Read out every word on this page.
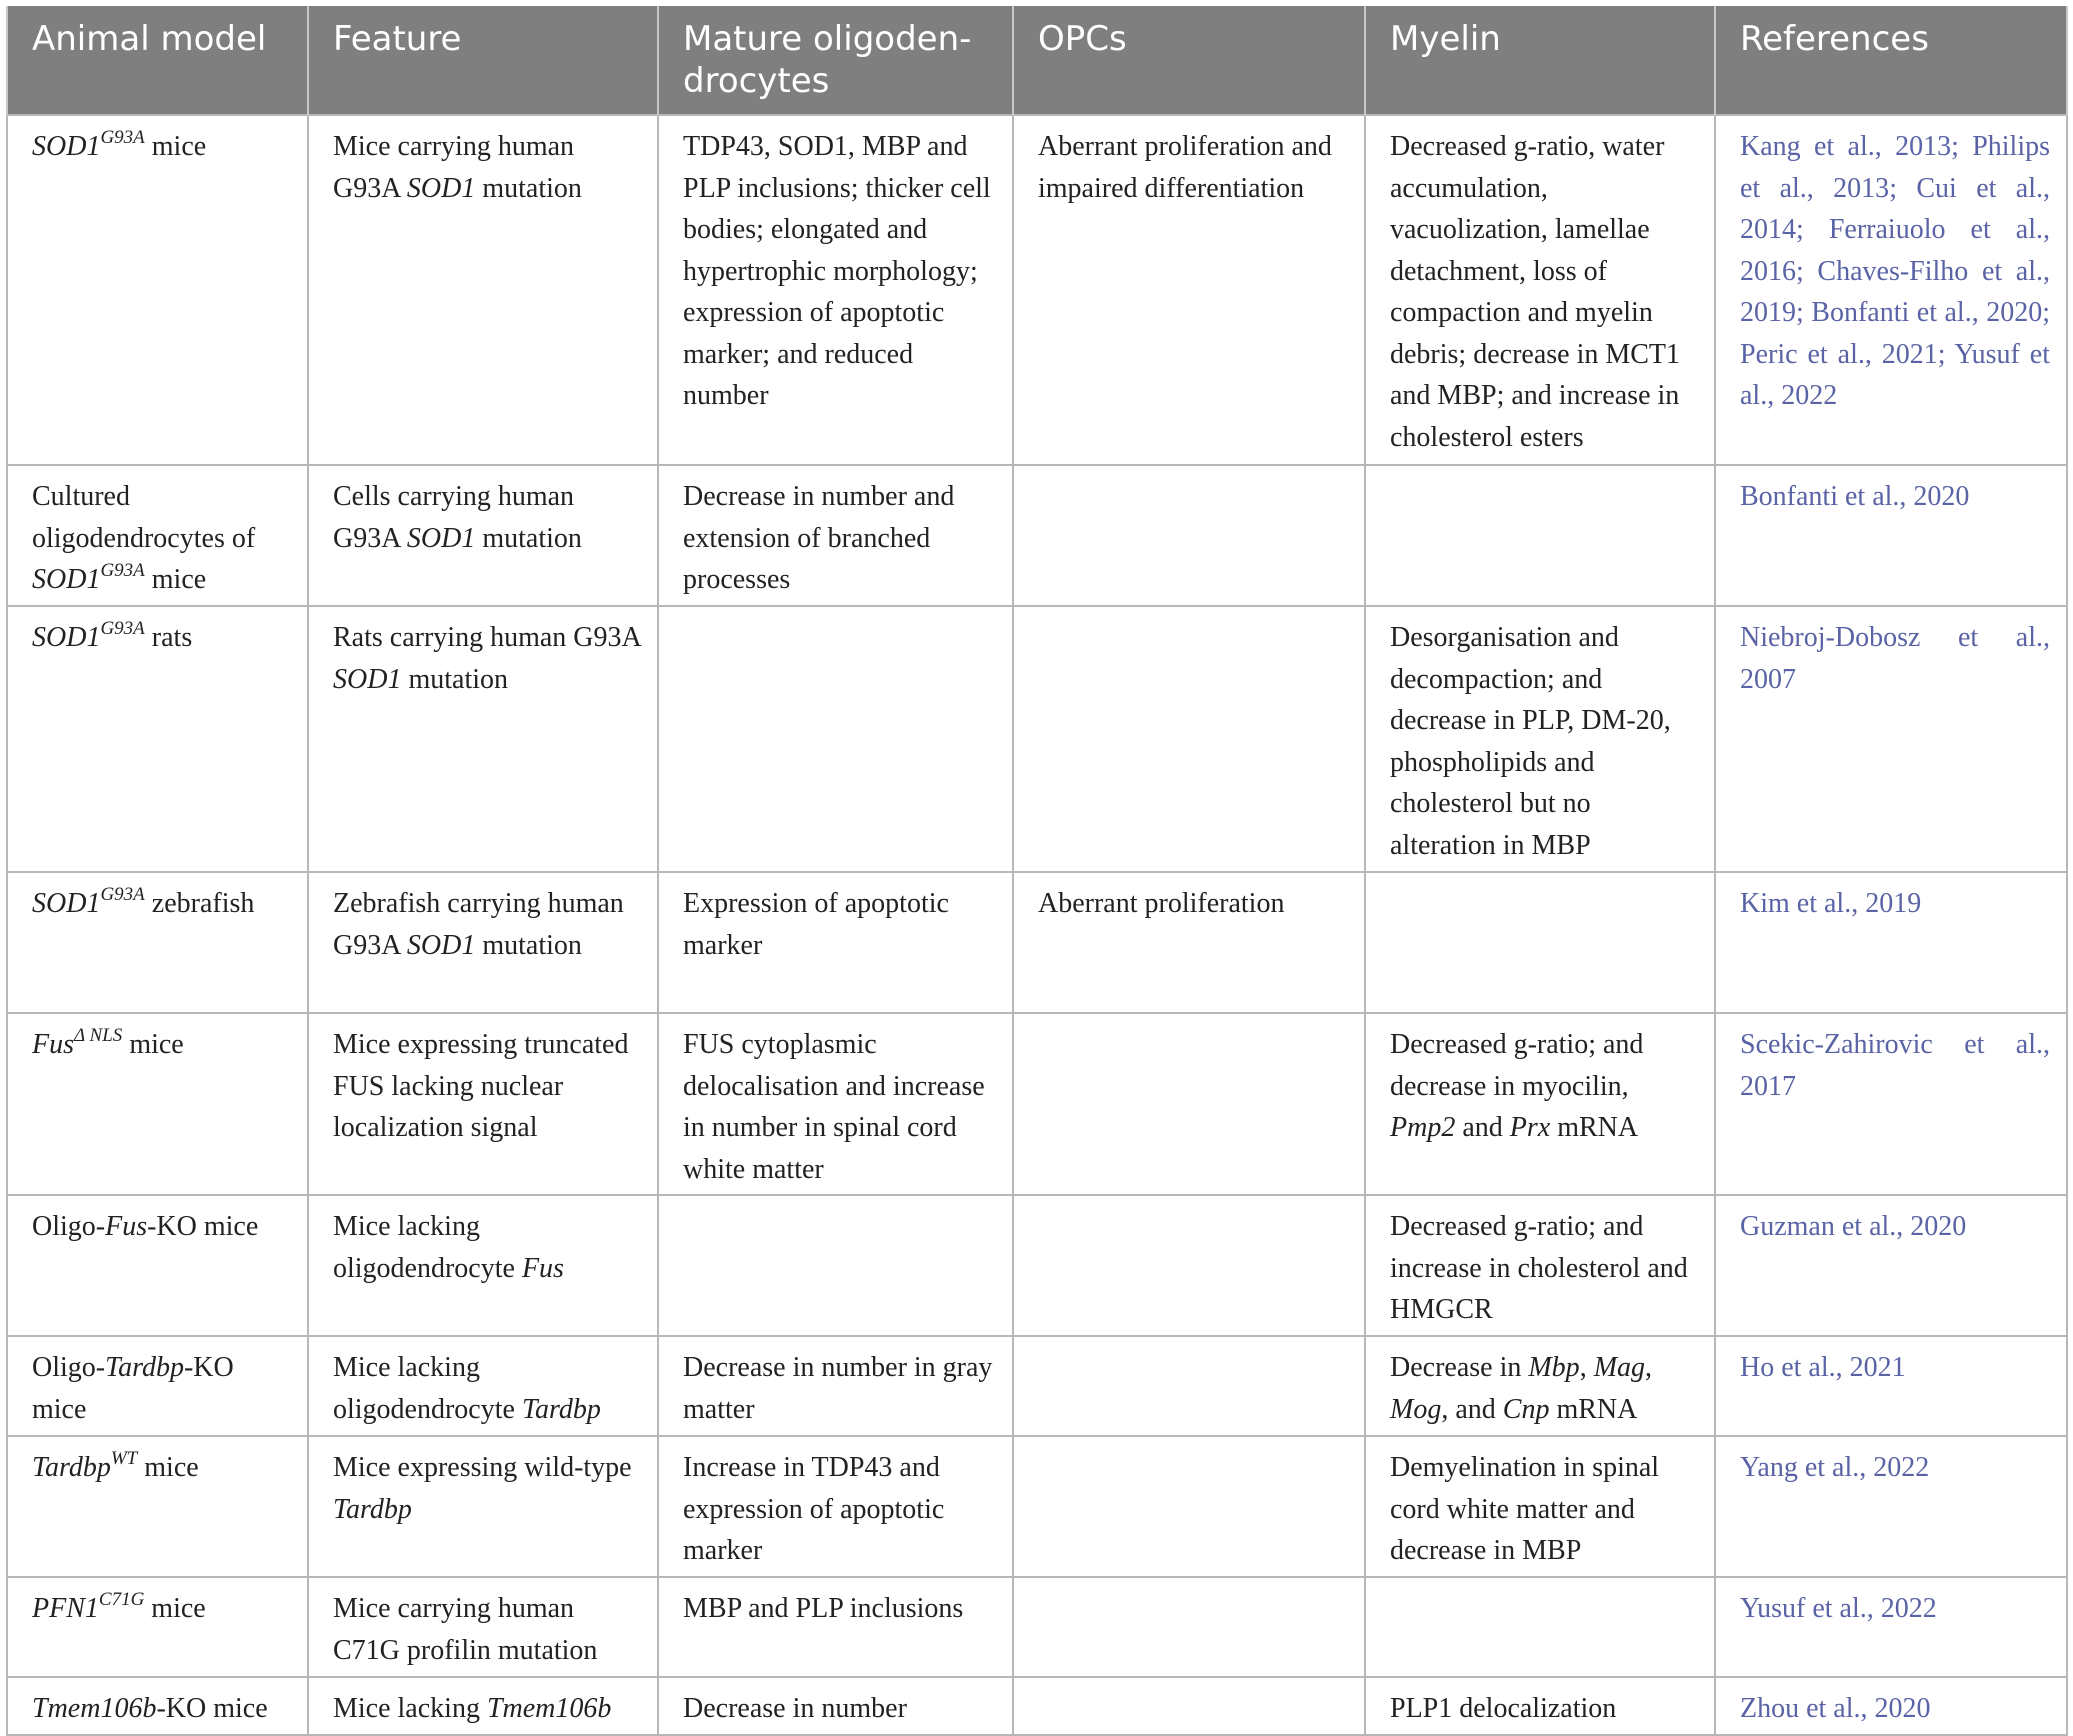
Animal model	Feature	Mature oligoden-drocytes	OPCs	Myelin	References
$SOD1^{G93A}$ mice	Mice carrying human G93A SOD1 mutation	TDP43, SOD1, MBP and PLP inclusions; thicker cell bodies; elongated and hypertrophic morphology; expression of apoptotic marker; and reduced number	Aberrant proliferation and impaired differentiation	Decreased g-ratio, water accumulation, vacuolization, lamellae detachment, loss of compaction and myelin debris; decrease in MCT1 and MBP; and increase in cholesterol esters	Kang et al., 2013; Philips et al., 2013; Cui et al., 2014; Ferraiuolo et al., 2016; Chaves-Filho et al., 2019; Bonfanti et al., 2020; Peric et al., 2021; Yusuf et al., 2022
Cultured oligodendrocytes of $SOD1^{G93A}$ mice	Cells carrying human G93A SOD1 mutation	Decrease in number and extension of branched processes			Bonfanti et al., 2020
$SOD1^{G93A}$ rats	Rats carrying human G93A SOD1 mutation			Desorganisation and decompaction; and decrease in PLP, DM-20, phospholipids and cholesterol but no alteration in MBP	Niebroj-Dobosz et al., 2007
$SOD1^{G93A}$ zebrafish	Zebrafish carrying human G93A SOD1 mutation	Expression of apoptotic marker	Aberrant proliferation		Kim et al., 2019
Fus$^{\Delta NLS}$ mice	Mice expressing truncated FUS lacking nuclear localization signal	FUS cytoplasmic delocalisation and increase in number in spinal cord white matter		Decreased g-ratio; and decrease in myocilin, Pmp2 and Prx mRNA	Scekic-Zahirovic et al., 2017
Oligo-Fus-KO mice	Mice lacking oligodendrocyte Fus			Decreased g-ratio; and increase in cholesterol and HMGCR	Guzman et al., 2020
Oligo-Tardbp-KO mice	Mice lacking oligodendrocyte Tardbp	Decrease in number in gray matter		Decrease in Mbp, Mag, Mog, and Cnp mRNA	Ho et al., 2021
Tardbp$^{WT}$ mice	Mice expressing wild-type Tardbp	Increase in TDP43 and expression of apoptotic marker		Demyelination in spinal cord white matter and decrease in MBP	Yang et al., 2022
$PFN1^{C71G}$ mice	Mice carrying human C71G profilin mutation	MBP and PLP inclusions			Yusuf et al., 2022
Tmem106b-KO mice	Mice lacking Tmem106b	Decrease in number		PLP1 delocalization	Zhou et al., 2020
